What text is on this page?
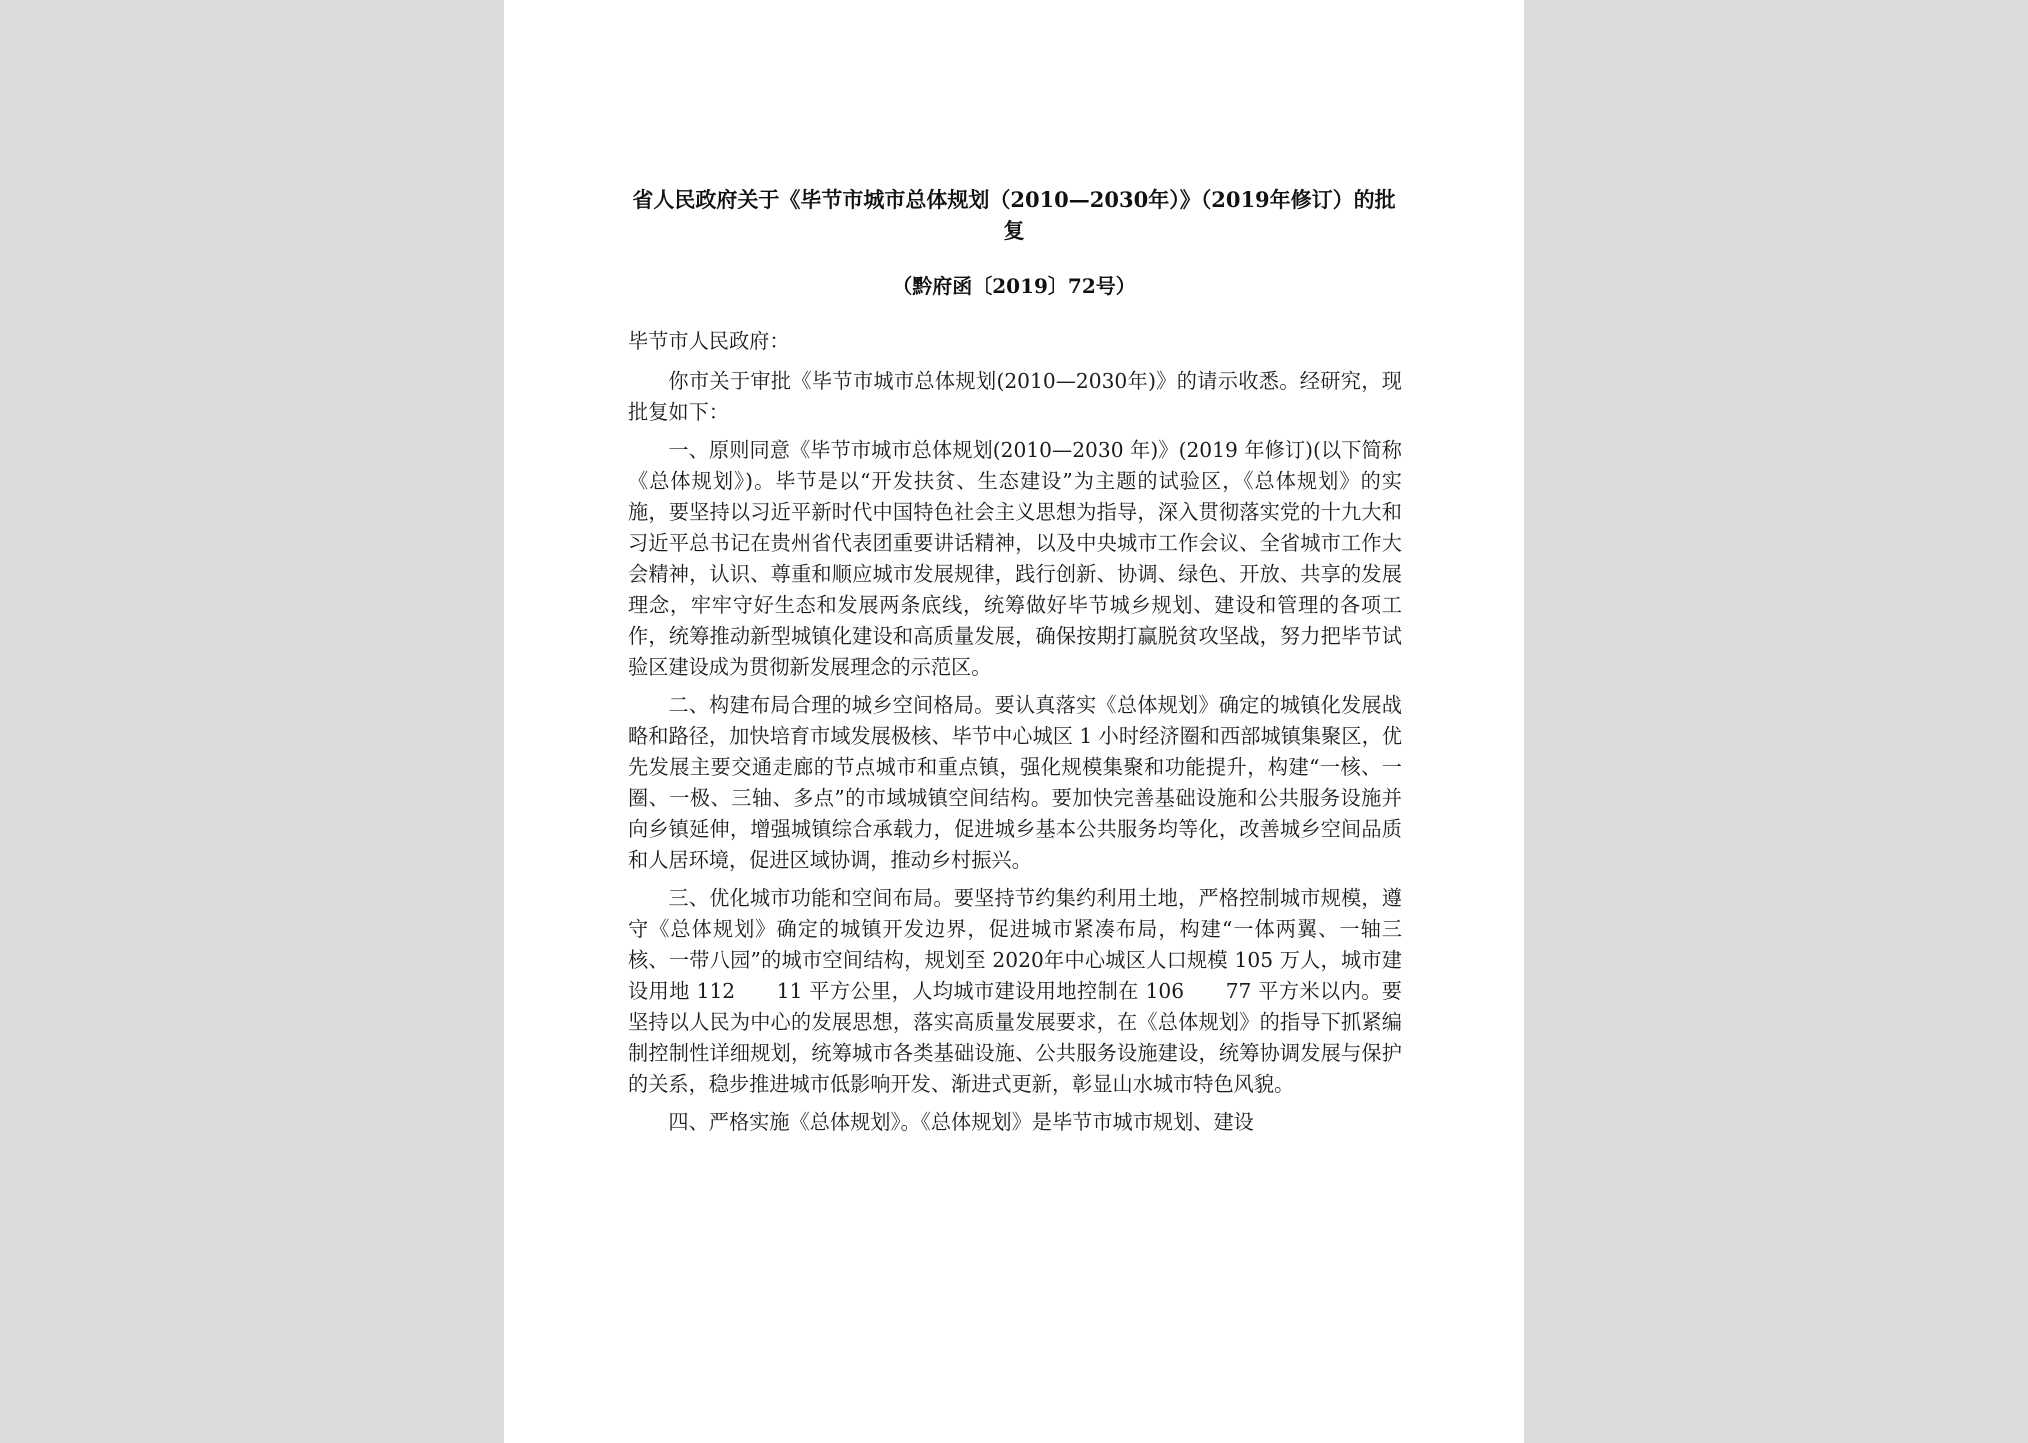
省人民政府关于《毕节市城市总体规划（2010—2030年）》（2019年修订）的批复
（黔府函〔2019〕72号）

毕节市人民政府：

你市关于审批《毕节市城市总体规划(2010—2030年)》的请示收悉。经研究，现批复如下：

一、原则同意《毕节市城市总体规划(2010—2030 年)》(2019 年修订)(以下简称《总体规划》)。毕节是以“开发扶贫、生态建设”为主题的试验区，《总体规划》的实施，要坚持以习近平新时代中国特色社会主义思想为指导，深入贯彻落实党的十九大和习近平总书记在贵州省代表团重要讲话精神，以及中央城市工作会议、全省城市工作大会精神，认识、尊重和顺应城市发展规律，践行创新、协调、绿色、开放、共享的发展理念，牢牢守好生态和发展两条底线，统筹做好毕节城乡规划、建设和管理的各项工作，统筹推动新型城镇化建设和高质量发展，确保按期打赢脱贫攻坚战，努力把毕节试验区建设成为贯彻新发展理念的示范区。

二、构建布局合理的城乡空间格局。要认真落实《总体规划》确定的城镇化发展战略和路径，加快培育市域发展极核、毕节中心城区 1 小时经济圈和西部城镇集聚区，优先发展主要交通走廊的节点城市和重点镇，强化规模集聚和功能提升，构建“一核、一圈、一极、三轴、多点”的市域城镇空间结构。要加快完善基础设施和公共服务设施并向乡镇延伸，增强城镇综合承载力，促进城乡基本公共服务均等化，改善城乡空间品质和人居环境，促进区域协调，推动乡村振兴。

三、优化城市功能和空间布局。要坚持节约集约利用土地，严格控制城市规模，遵守《总体规划》确定的城镇开发边界，促进城市紧凑布局，构建“一体两翼、一轴三核、一带八园”的城市空间结构，规划至 2020年中心城区人口规模 105 万人，城市建设用地 112　　11 平方公里，人均城市建设用地控制在 106　　77 平方米以内。要坚持以人民为中心的发展思想，落实高质量发展要求，在《总体规划》的指导下抓紧编制控制性详细规划，统筹城市各类基础设施、公共服务设施建设，统筹协调发展与保护的关系，稳步推进城市低影响开发、渐进式更新，彰显山水城市特色风貌。

四、严格实施《总体规划》。《总体规划》是毕节市城市规划、建设
